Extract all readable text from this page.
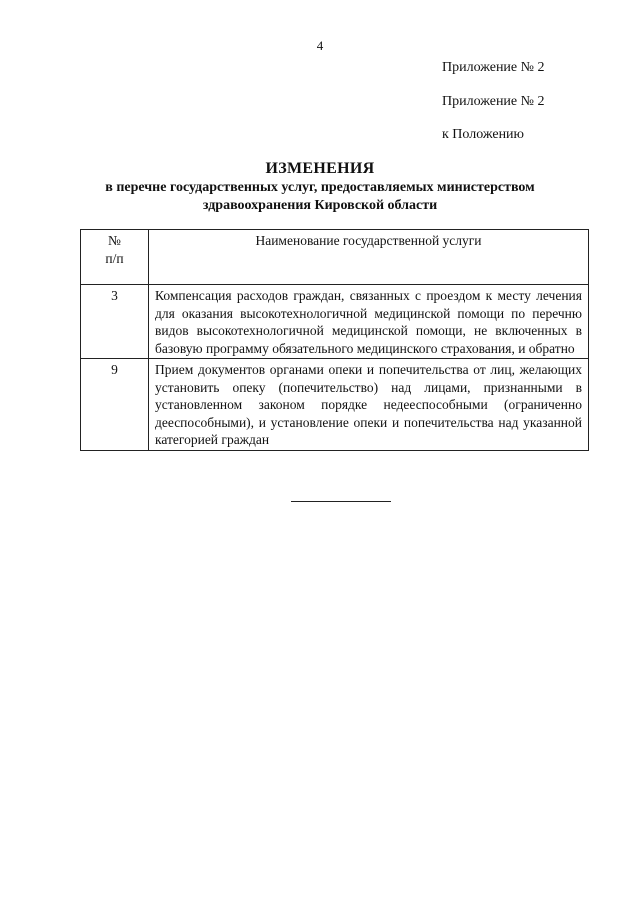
4
Приложение № 2
Приложение № 2
к Положению
ИЗМЕНЕНИЯ
в перечне государственных услуг, предоставляемых министерством
здравоохранения Кировской области
№
п/п	Наименование государственной услуги
3	Компенсация расходов граждан, связанных с проездом к месту лечения для оказания высокотехнологичной медицинской помощи по перечню видов высокотехнологичной медицинской помощи, не включенных в базовую программу обязательного медицинского страхования, и обратно
9	Прием документов органами опеки и попечительства от лиц, желающих установить опеку (попечительство) над лицами, признанными в установленном законом порядке недееспособными (ограниченно дееспособными), и установление опеки и попечительства над указанной категорией граждан
